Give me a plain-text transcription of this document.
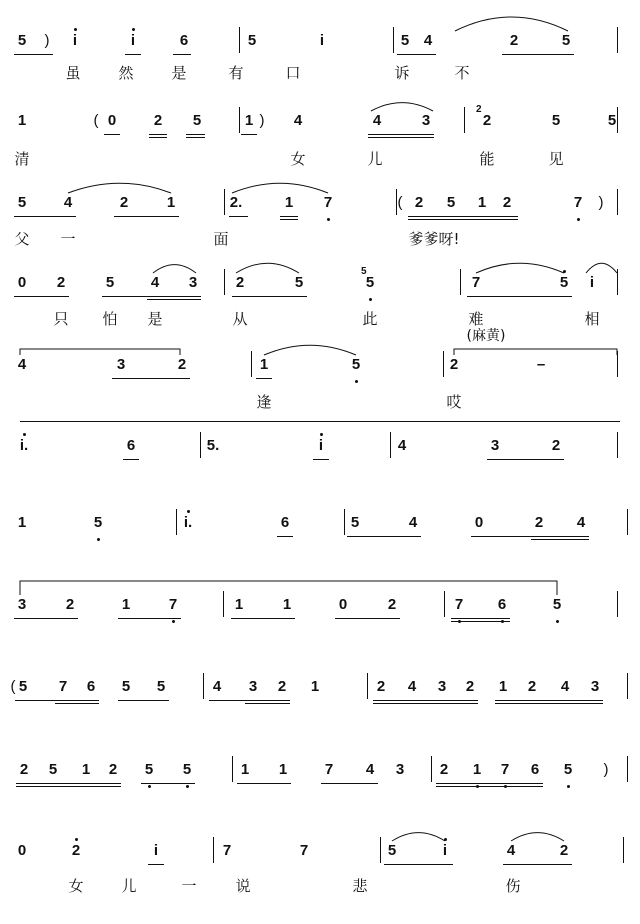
5 ) i	i	6	5	i	5 4	2	5
虽	然	是	有	口	诉	不
1	( 0	2 5	1 ) 4	4	3	2	5	5
清	女	儿	能	见
2
5	4	2	1	2.	1 7	( 2 5 1 2	7 )
父 一	面	爹爹呀!
0 2	5 4 3	2	5	5	7	5 i
只 怕 是	从	此	难	相
5
4	3	2	1	5	2	–
逢	哎
(麻黄)
i.	6	5.	i	4	3	2
1	5	i.	6	5	4	0	2 4
3	2	1	7	1	1	0	2	7 6	5
( 5 7 6 5 5	4 3 2 1	2 4 3 2 1 2 4 3
2 5 1 2 5 5	1 1	7 4 3 2 1 7 6 5 )
0	2	i	7	7	5	i	4	2
女	儿	一	说	悲	伤
